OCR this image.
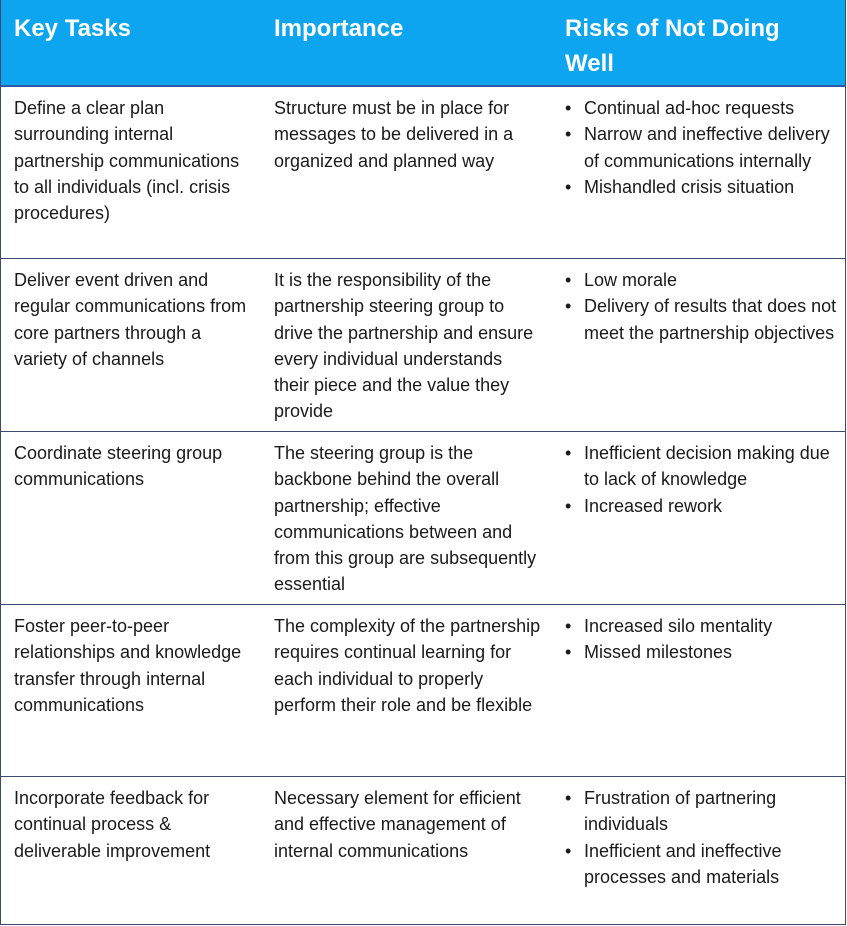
Key Tasks	Importance	Risks of Not Doing Well
Define a clear plan surrounding internal partnership communications to all individuals (incl. crisis procedures)
Structure must be in place for messages to be delivered in a organized and planned way
• Continual ad-hoc requests
• Narrow and ineffective delivery of communications internally
• Mishandled crisis situation
Deliver event driven and regular communications from core partners through a variety of channels
It is the responsibility of the partnership steering group to drive the partnership and ensure every individual understands their piece and the value they provide
• Low morale
• Delivery of results that does not meet the partnership objectives
Coordinate steering group communications
The steering group is the backbone behind the overall partnership; effective communications between and from this group are subsequently essential
• Inefficient decision making due to lack of knowledge
• Increased rework
Foster peer-to-peer relationships and knowledge transfer through internal communications
The complexity of the partnership requires continual learning for each individual to properly perform their role and be flexible
• Increased silo mentality
• Missed milestones
Incorporate feedback for continual process & deliverable improvement
Necessary element for efficient and effective management of internal communications
• Frustration of partnering individuals
• Inefficient and ineffective processes and materials
